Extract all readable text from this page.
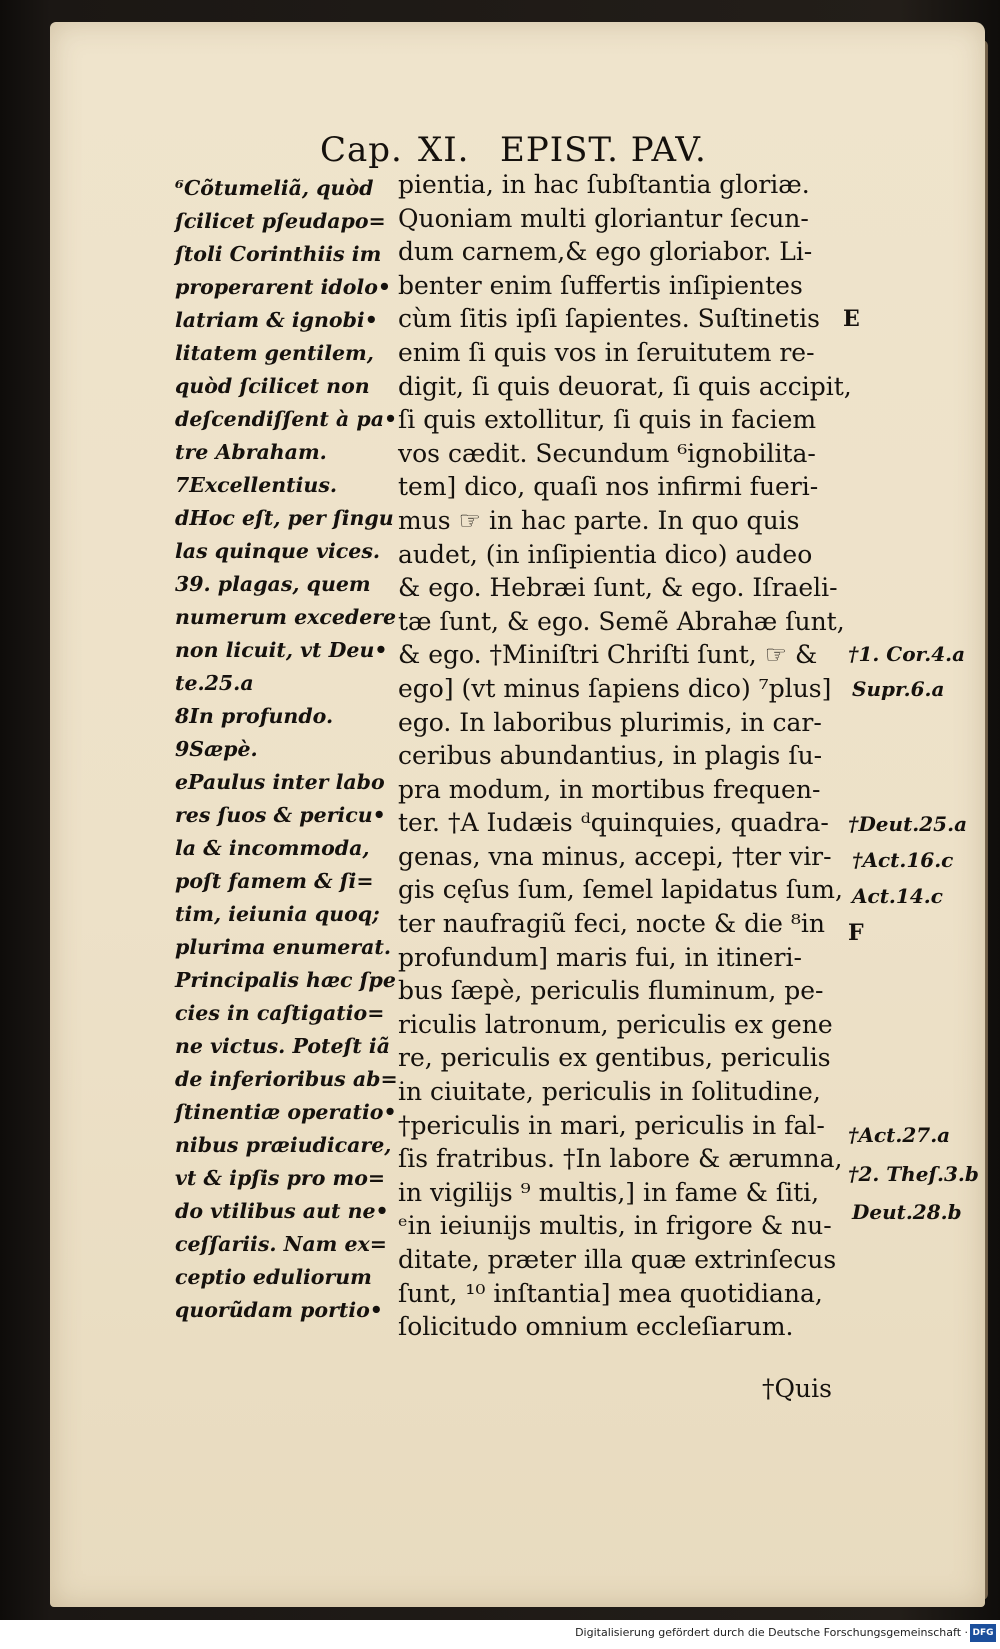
Cap. XI. EPIST. PAV.
⁶Cõtumeliã, quòd
ſcilicet pſeudapo=
ſtoli Corinthiis im
properarent idolo•
latriam & ignobi•
litatem gentilem,
quòd ſcilicet non
deſcendiſſent à pa•
tre Abraham.
7Excellentius.
dHoc eſt, per ſingu
las quinque vices.
39. plagas, quem
numerum excedere
non licuit, vt Deu•
te.25.a
8In profundo.
9Sæpè.
ePaulus inter labo
res ſuos & pericu•
la & incommoda,
poſt famem & ſi=
tim, ieiunia quoq;
plurima enumerat.
Principalis hæc ſpe
cies in caſtigatio=
ne victus. Poteſt iã
de inferioribus ab=
ſtinentiæ operatio•
nibus præiudicare,
vt & ipſis pro mo=
do vtilibus aut ne•
ceſſariis. Nam ex=
ceptio eduliorum
quorũdam portio•
pientia, in hac ſubſtantia gloriæ.
Quoniam multi gloriantur ſecun-
dum carnem,& ego gloriabor. Li-
benter enim ſuffertis inſipientes
cùm ſitis ipſi ſapientes. Suſtinetis
enim ſi quis vos in ſeruitutem re-
digit, ſi quis deuorat, ſi quis accipit,
ſi quis extollitur, ſi quis in faciem
vos cædit. Secundum ⁶ignobilita-
tem] dico, quaſi nos infirmi fueri-
mus ☞ in hac parte. In quo quis
audet, (in inſipientia dico) audeo
& ego. Hebræi ſunt, & ego. Iſraeli-
tæ ſunt, & ego. Semẽ Abrahæ ſunt,
& ego. †Miniſtri Chriſti ſunt, ☞ &
ego] (vt minus ſapiens dico) ⁷plus]
ego. In laboribus plurimis, in car-
ceribus abundantius, in plagis ſu-
pra modum, in mortibus frequen-
ter. †A Iudæis ᵈquinquies, quadra-
genas, vna minus, accepi, †ter vir-
gis cęſus ſum, ſemel lapidatus ſum,
ter naufragiũ feci, nocte & die ⁸in
profundum] maris fui, in itineri-
bus ſæpè, periculis fluminum, pe-
riculis latronum, periculis ex gene
re, periculis ex gentibus, periculis
in ciuitate, periculis in ſolitudine,
†periculis in mari, periculis in fal-
ſis fratribus. †In labore & ærumna,
in vigilijs ⁹ multis,] in fame & ſiti,
ᵉin ieiunijs multis, in frigore & nu-
ditate, præter illa quæ extrinſecus
ſunt, ¹⁰ inſtantia] mea quotidiana,
ſolicitudo omnium eccleſiarum.
E
F
†1. Cor.4.a
Supr.6.a
†Deut.25.a
†Act.16.c
Act.14.c
†Act.27.a
†2. Theſ.3.b
Deut.28.b
†Quis
Digitalisierung gefördert durch die Deutsche Forschungsgemeinschaft · DFG
